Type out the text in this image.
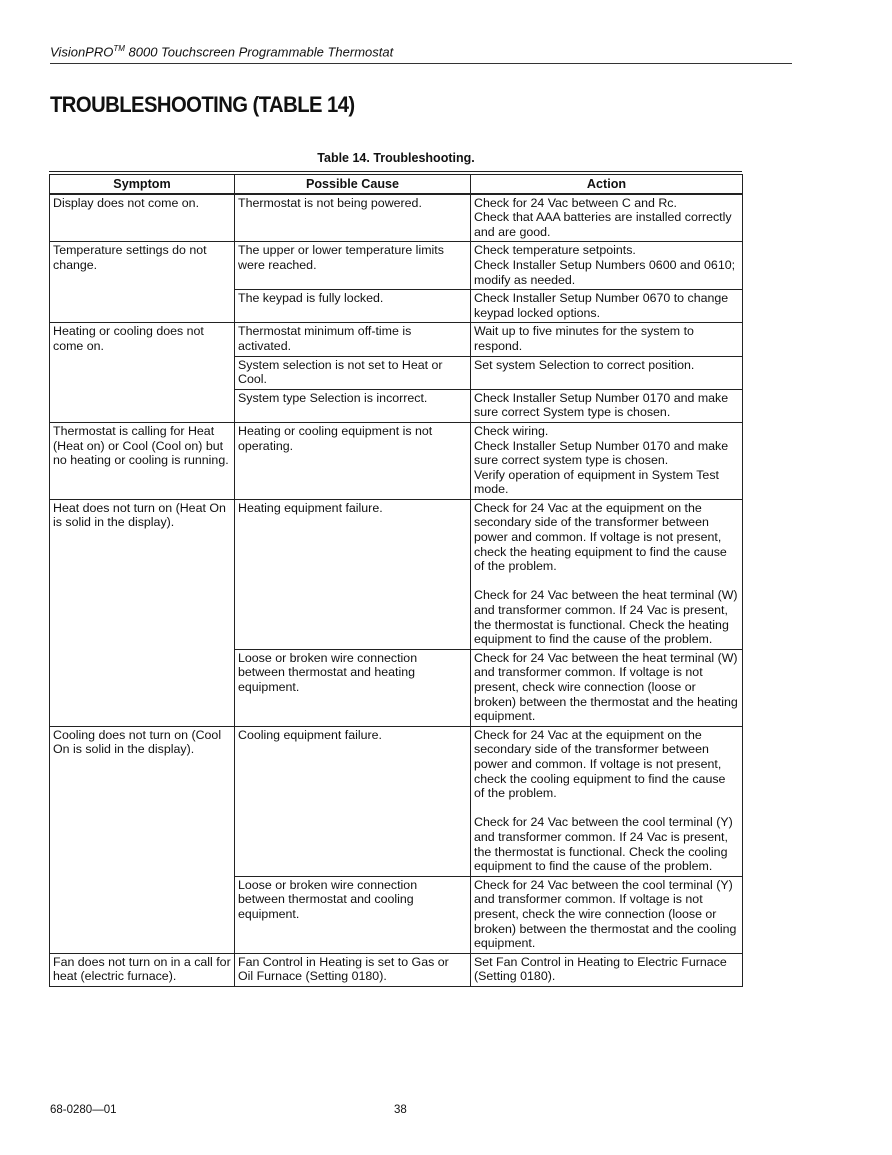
VisionPRO™ 8000 Touchscreen Programmable Thermostat
TROUBLESHOOTING (TABLE 14)
Table 14. Troubleshooting.
Symptom	Possible Cause	Action
Display does not come on.	Thermostat is not being powered.	Check for 24 Vac between C and Rc.
Check that AAA batteries are installed correctly and are good.

Temperature settings do not change.	The upper or lower temperature limits were reached.	Check temperature setpoints.
Check Installer Setup Numbers 0600 and 0610; modify as needed.

	The keypad is fully locked.	Check Installer Setup Number 0670 to change keypad locked options.

Heating or cooling does not come on.	Thermostat minimum off-time is activated.	Wait up to five minutes for the system to respond.

	System selection is not set to Heat or Cool.	Set system Selection to correct position.

	System type Selection is incorrect.	Check Installer Setup Number 0170 and make sure correct System type is chosen.

Thermostat is calling for Heat (Heat on) or Cool (Cool on) but no heating or cooling is running.	Heating or cooling equipment is not operating.	Check wiring.
Check Installer Setup Number 0170 and make sure correct system type is chosen.
Verify operation of equipment in System Test mode.

Heat does not turn on (Heat On is solid in the display).	Heating equipment failure.	Check for 24 Vac at the equipment on the secondary side of the transformer between power and common. If voltage is not present, check the heating equipment to find the cause of the problem.
Check for 24 Vac between the heat terminal (W) and transformer common. If 24 Vac is present, the thermostat is functional. Check the heating equipment to find the cause of the problem.

	Loose or broken wire connection between thermostat and heating equipment.	Check for 24 Vac between the heat terminal (W) and transformer common. If voltage is not present, check wire connection (loose or broken) between the thermostat and the heating equipment.

Cooling does not turn on (Cool On is solid in the display).	Cooling equipment failure.	Check for 24 Vac at the equipment on the secondary side of the transformer between power and common. If voltage is not present, check the cooling equipment to find the cause of the problem.
Check for 24 Vac between the cool terminal (Y) and transformer common. If 24 Vac is present, the thermostat is functional. Check the cooling equipment to find the cause of the problem.

	Loose or broken wire connection between thermostat and cooling equipment.	Check for 24 Vac between the cool terminal (Y) and transformer common. If voltage is not present, check the wire connection (loose or broken) between the thermostat and the cooling equipment.

Fan does not turn on in a call for heat (electric furnace).	Fan Control in Heating is set to Gas or Oil Furnace (Setting 0180).	Set Fan Control in Heating to Electric Furnace (Setting 0180).
68-0280—01	38
